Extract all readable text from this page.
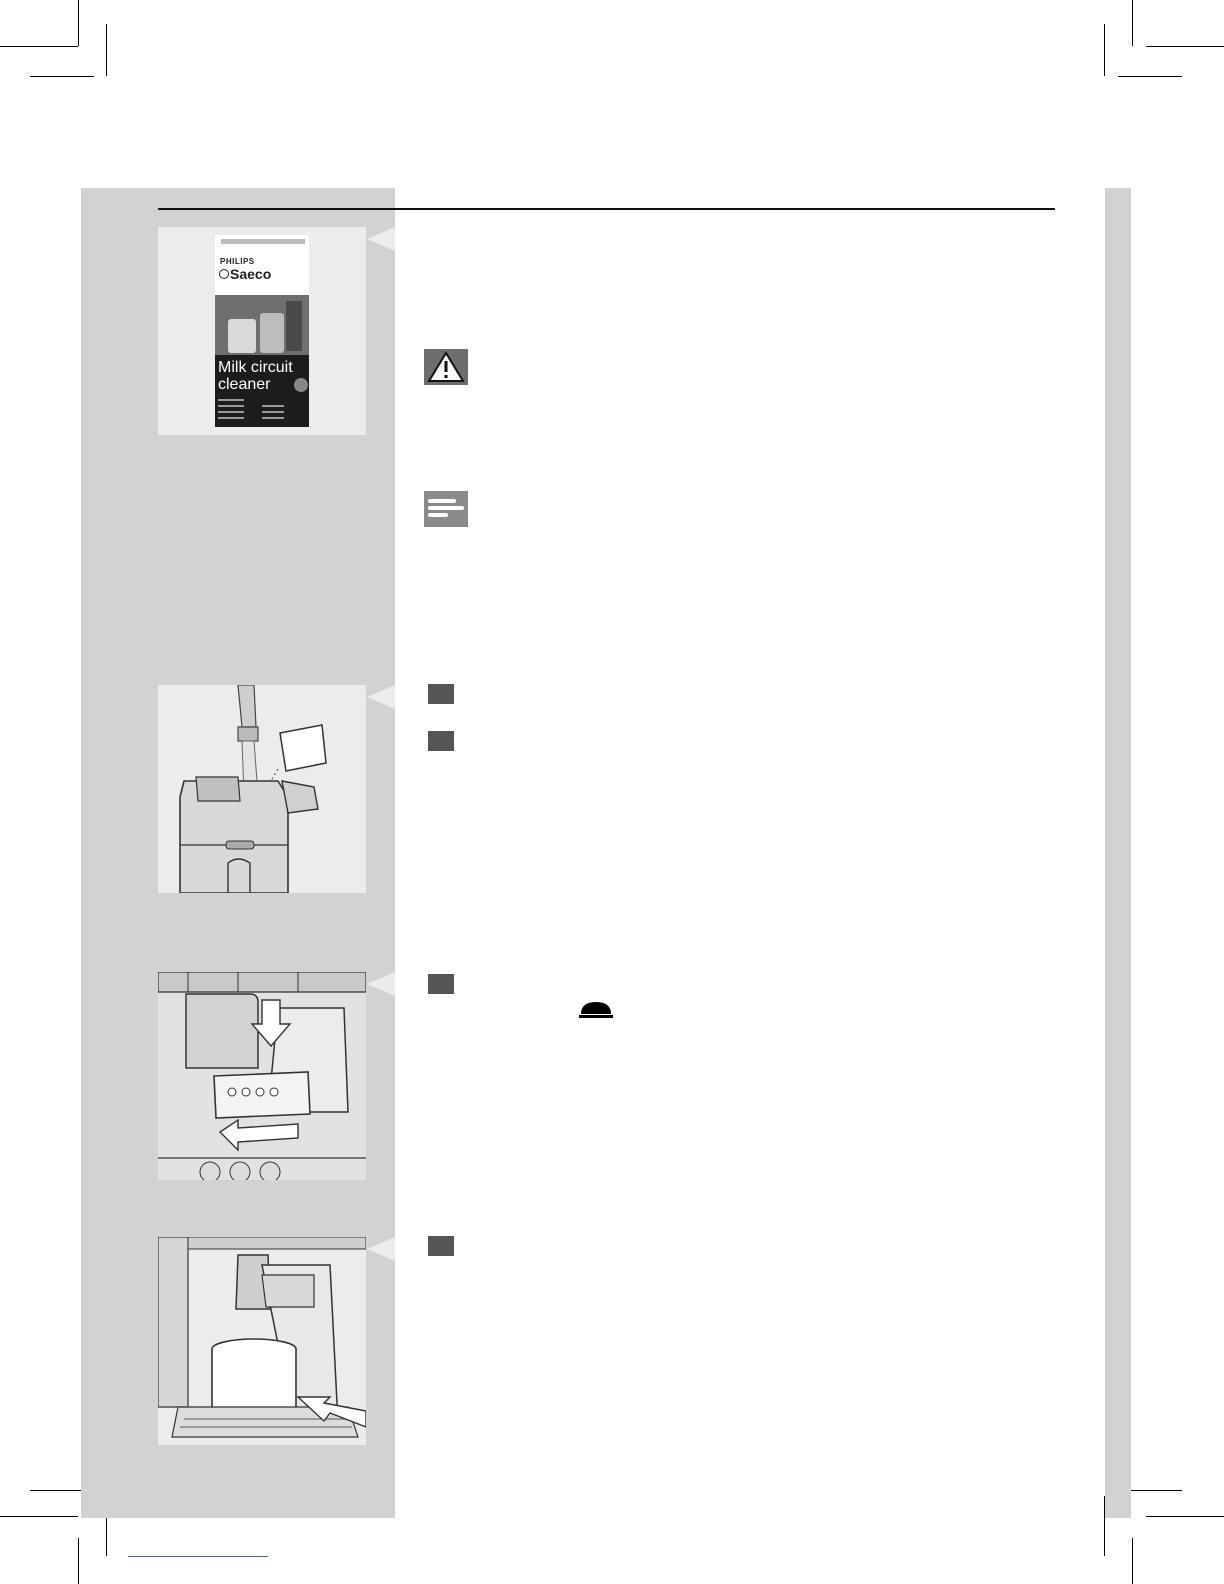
PHILIPS
Saeco
Milk circuit
cleaner
